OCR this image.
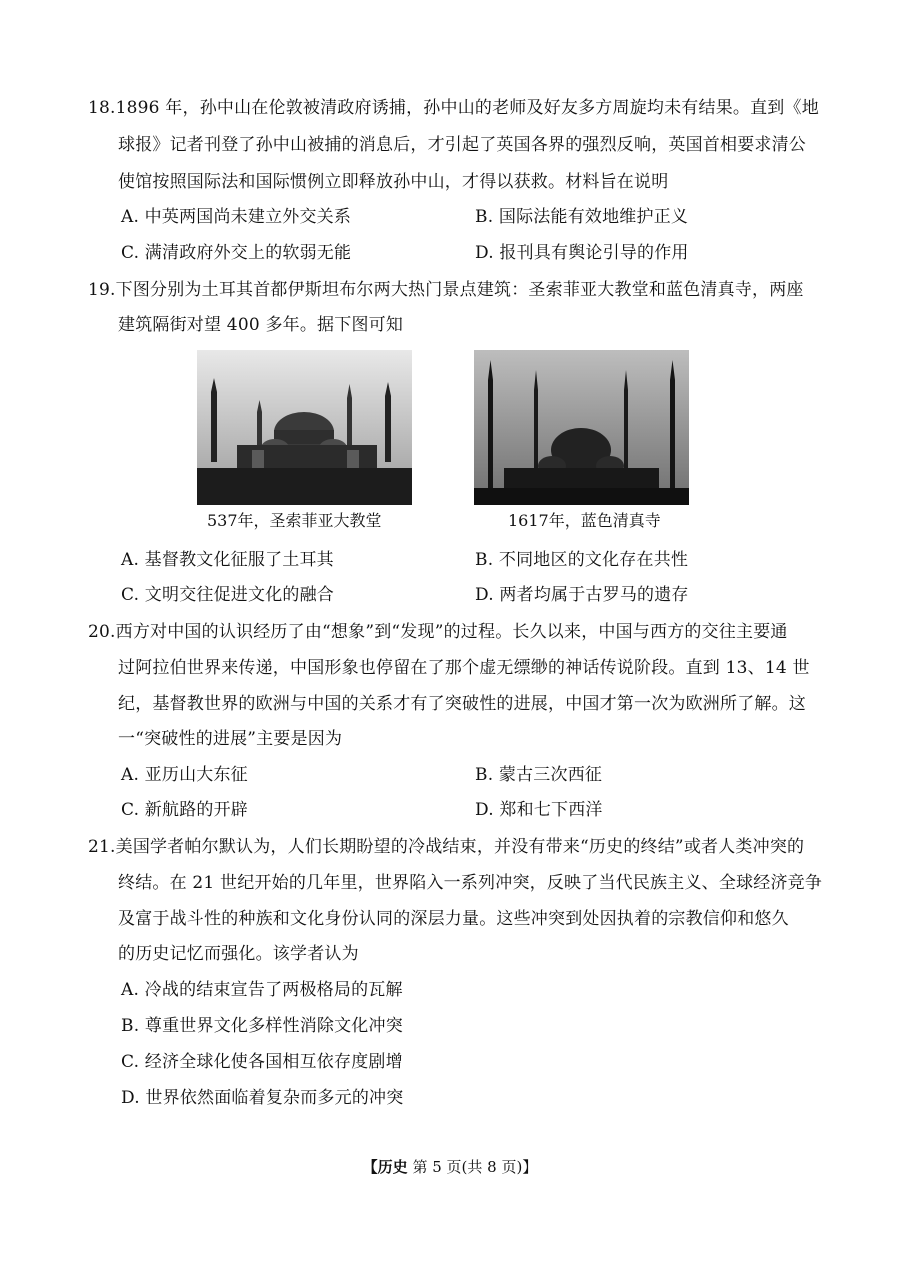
18.1896 年，孙中山在伦敦被清政府诱捕，孙中山的老师及好友多方周旋均未有结果。直到《地
球报》记者刊登了孙中山被捕的消息后，才引起了英国各界的强烈反响，英国首相要求清公
使馆按照国际法和国际惯例立即释放孙中山，才得以获救。材料旨在说明
A. 中英两国尚未建立外交关系	B. 国际法能有效地维护正义
C. 满清政府外交上的软弱无能	D. 报刊具有舆论引导的作用
19.下图分别为土耳其首都伊斯坦布尔两大热门景点建筑：圣索菲亚大教堂和蓝色清真寺，两座
建筑隔街对望 400 多年。据下图可知
537年，圣索菲亚大教堂	1617年，蓝色清真寺
A. 基督教文化征服了土耳其	B. 不同地区的文化存在共性
C. 文明交往促进文化的融合	D. 两者均属于古罗马的遗存
20.西方对中国的认识经历了由“想象”到“发现”的过程。长久以来，中国与西方的交往主要通
过阿拉伯世界来传递，中国形象也停留在了那个虚无缥缈的神话传说阶段。直到 13、14 世
纪，基督教世界的欧洲与中国的关系才有了突破性的进展，中国才第一次为欧洲所了解。这
一“突破性的进展”主要是因为
A. 亚历山大东征	B. 蒙古三次西征
C. 新航路的开辟	D. 郑和七下西洋
21.美国学者帕尔默认为，人们长期盼望的冷战结束，并没有带来“历史的终结”或者人类冲突的
终结。在 21 世纪开始的几年里，世界陷入一系列冲突，反映了当代民族主义、全球经济竞争
及富于战斗性的种族和文化身份认同的深层力量。这些冲突到处因执着的宗教信仰和悠久
的历史记忆而强化。该学者认为
A. 冷战的结束宣告了两极格局的瓦解
B. 尊重世界文化多样性消除文化冲突
C. 经济全球化使各国相互依存度剧增
D. 世界依然面临着复杂而多元的冲突
【历史 第 5 页(共 8 页)】
